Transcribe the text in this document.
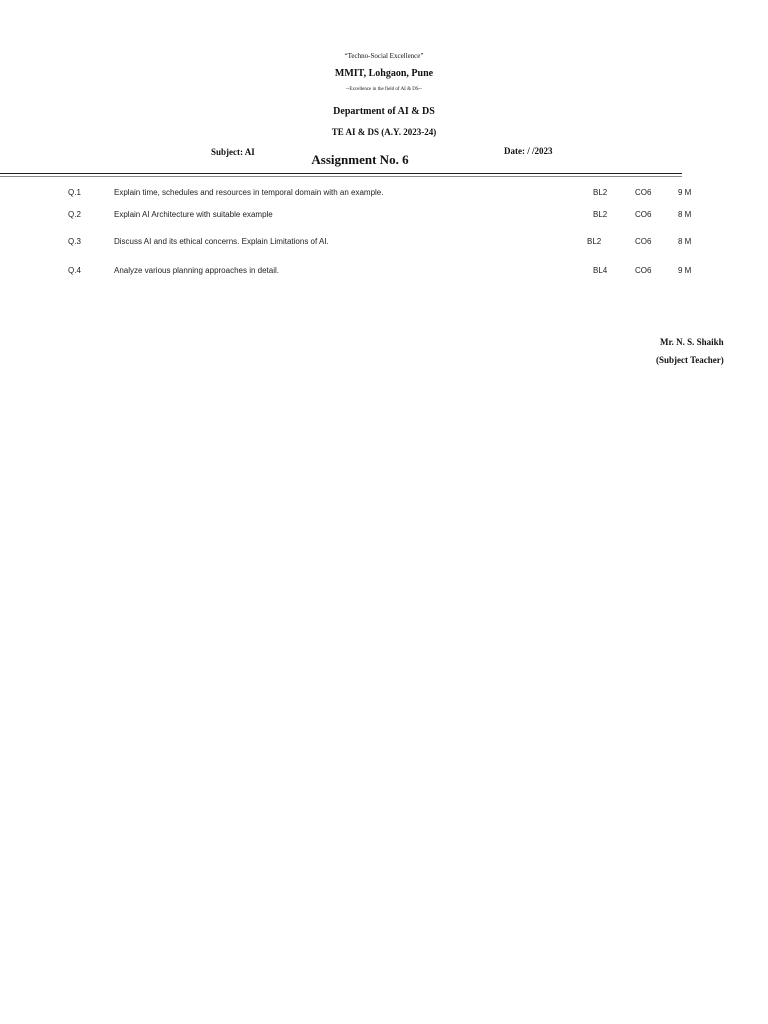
“Techno-Social Excellence”
MMIT, Lohgaon, Pune
--Excellence in the field of AI & DS--
Department of AI & DS
TE AI & DS (A.Y. 2023-24)
Subject: AI	Assignment No. 6
Date: / /2023
Q.1	Explain time, schedules and resources in temporal domain with an example.	BL2	CO6	9 M
Q.2	Explain AI Architecture with suitable example	BL2	CO6	8 M
Q.3	Discuss AI and its ethical concerns. Explain Limitations of AI.	BL2	CO6	8 M
Q.4	Analyze various planning approaches in detail.	BL4	CO6	9 M
Mr. N. S. Shaikh
(Subject Teacher)
